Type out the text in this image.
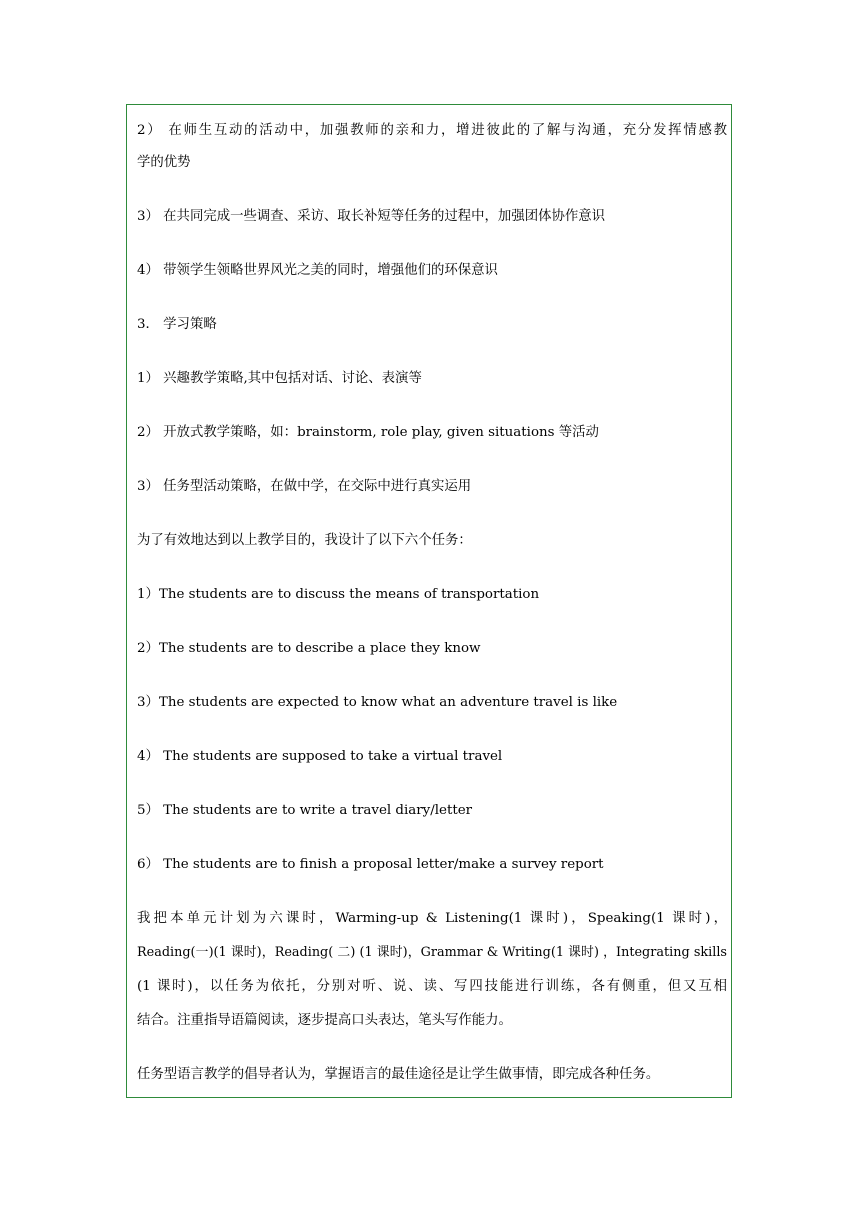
2） 在师生互动的活动中，加强教师的亲和力，增进彼此的了解与沟通，充分发挥情感教
学的优势
3） 在共同完成一些调查、采访、取长补短等任务的过程中，加强团体协作意识
4） 带领学生领略世界风光之美的同时，增强他们的环保意识
3． 学习策略
1） 兴趣教学策略,其中包括对话、讨论、表演等
2） 开放式教学策略，如：brainstorm, role play, given situations 等活动
3） 任务型活动策略，在做中学，在交际中进行真实运用
为了有效地达到以上教学目的，我设计了以下六个任务：
1）The students are to discuss the means of transportation
2）The students are to describe a place they know
3）The students are expected to know what an adventure travel is like
4） The students are supposed to take a virtual travel
5） The students are to write a travel diary/letter
6） The students are to finish a proposal letter/make a survey report
我把本单元计划为六课时，Warming-up & Listening(1 课时)，Speaking(1 课时)，
Reading(一)(1 课时)，Reading( 二) (1 课时)，Grammar & Writing(1 课时) ，Integrating skills
(1 课时)，以任务为依托，分别对听、说、读、写四技能进行训练，各有侧重，但又互相
结合。注重指导语篇阅读，逐步提高口头表达，笔头写作能力。
任务型语言教学的倡导者认为，掌握语言的最佳途径是让学生做事情，即完成各种任务。
